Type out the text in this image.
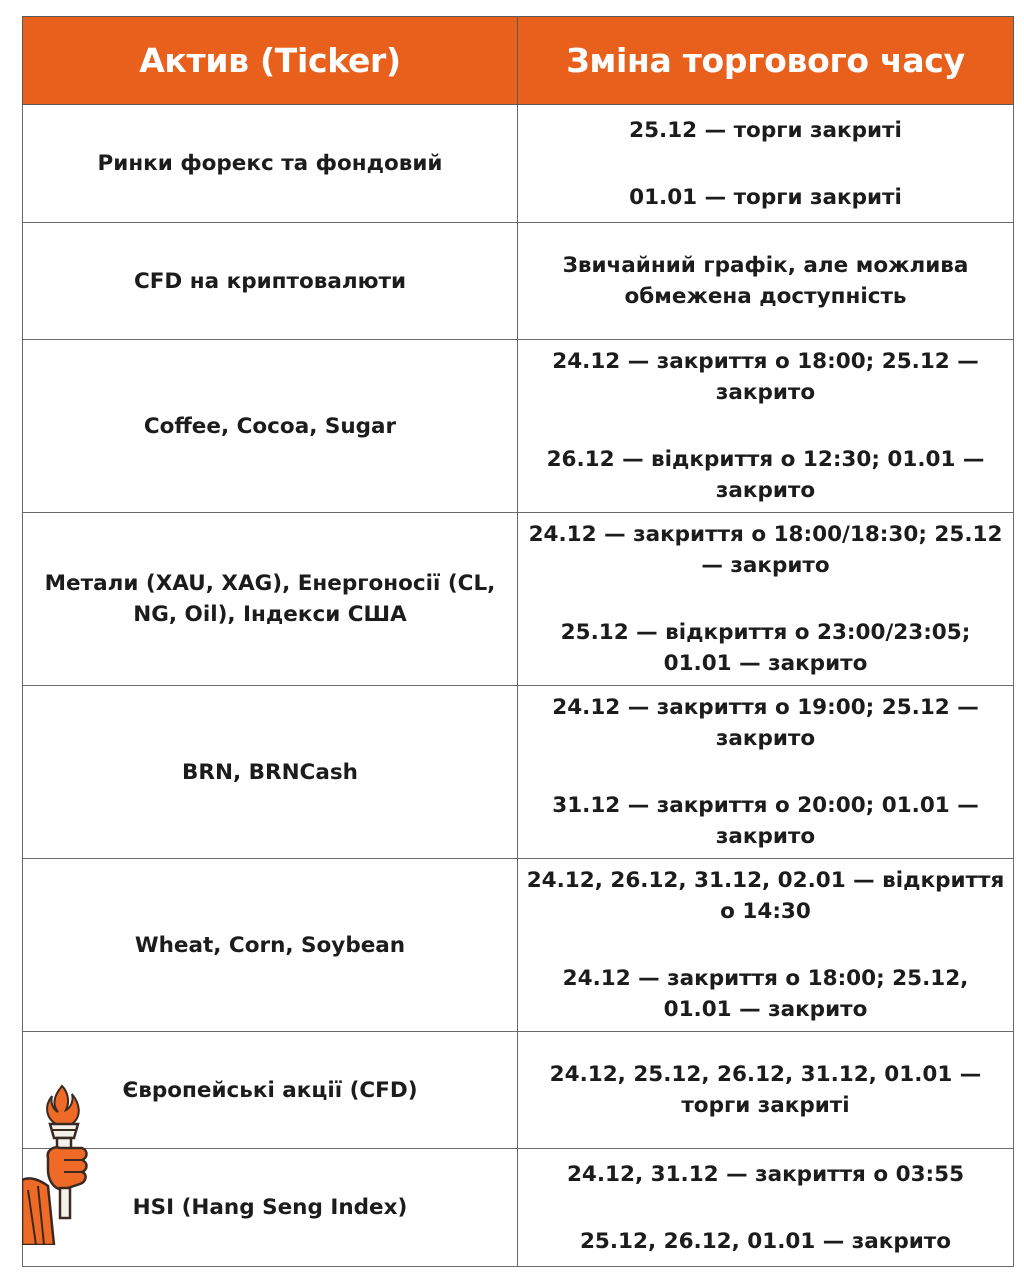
Актив (Ticker)	Зміна торгового часу
Ринки форекс та фондовий	25.12 — торги закриті

01.01 — торги закриті

CFD на криптовалюти	Звичайний графік, але можлива обмежена доступність

Coffee, Cocoa, Sugar	24.12 — закриття о 18:00; 25.12 — закрито

26.12 — відкриття о 12:30; 01.01 — закрито

Метали (XAU, XAG), Енергоносії (CL, NG, Oil), Індекси США	24.12 — закриття о 18:00/18:30; 25.12 — закрито

25.12 — відкриття о 23:00/23:05; 01.01 — закрито

BRN, BRNCash	24.12 — закриття о 19:00; 25.12 — закрито

31.12 — закриття о 20:00; 01.01 — закрито

Wheat, Corn, Soybean	24.12, 26.12, 31.12, 02.01 — відкриття о 14:30

24.12 — закриття о 18:00; 25.12, 01.01 — закрито

Європейські акції (CFD)	24.12, 25.12, 26.12, 31.12, 01.01 — торги закриті

HSI (Hang Seng Index)	24.12, 31.12 — закриття о 03:55

25.12, 26.12, 01.01 — закрито
